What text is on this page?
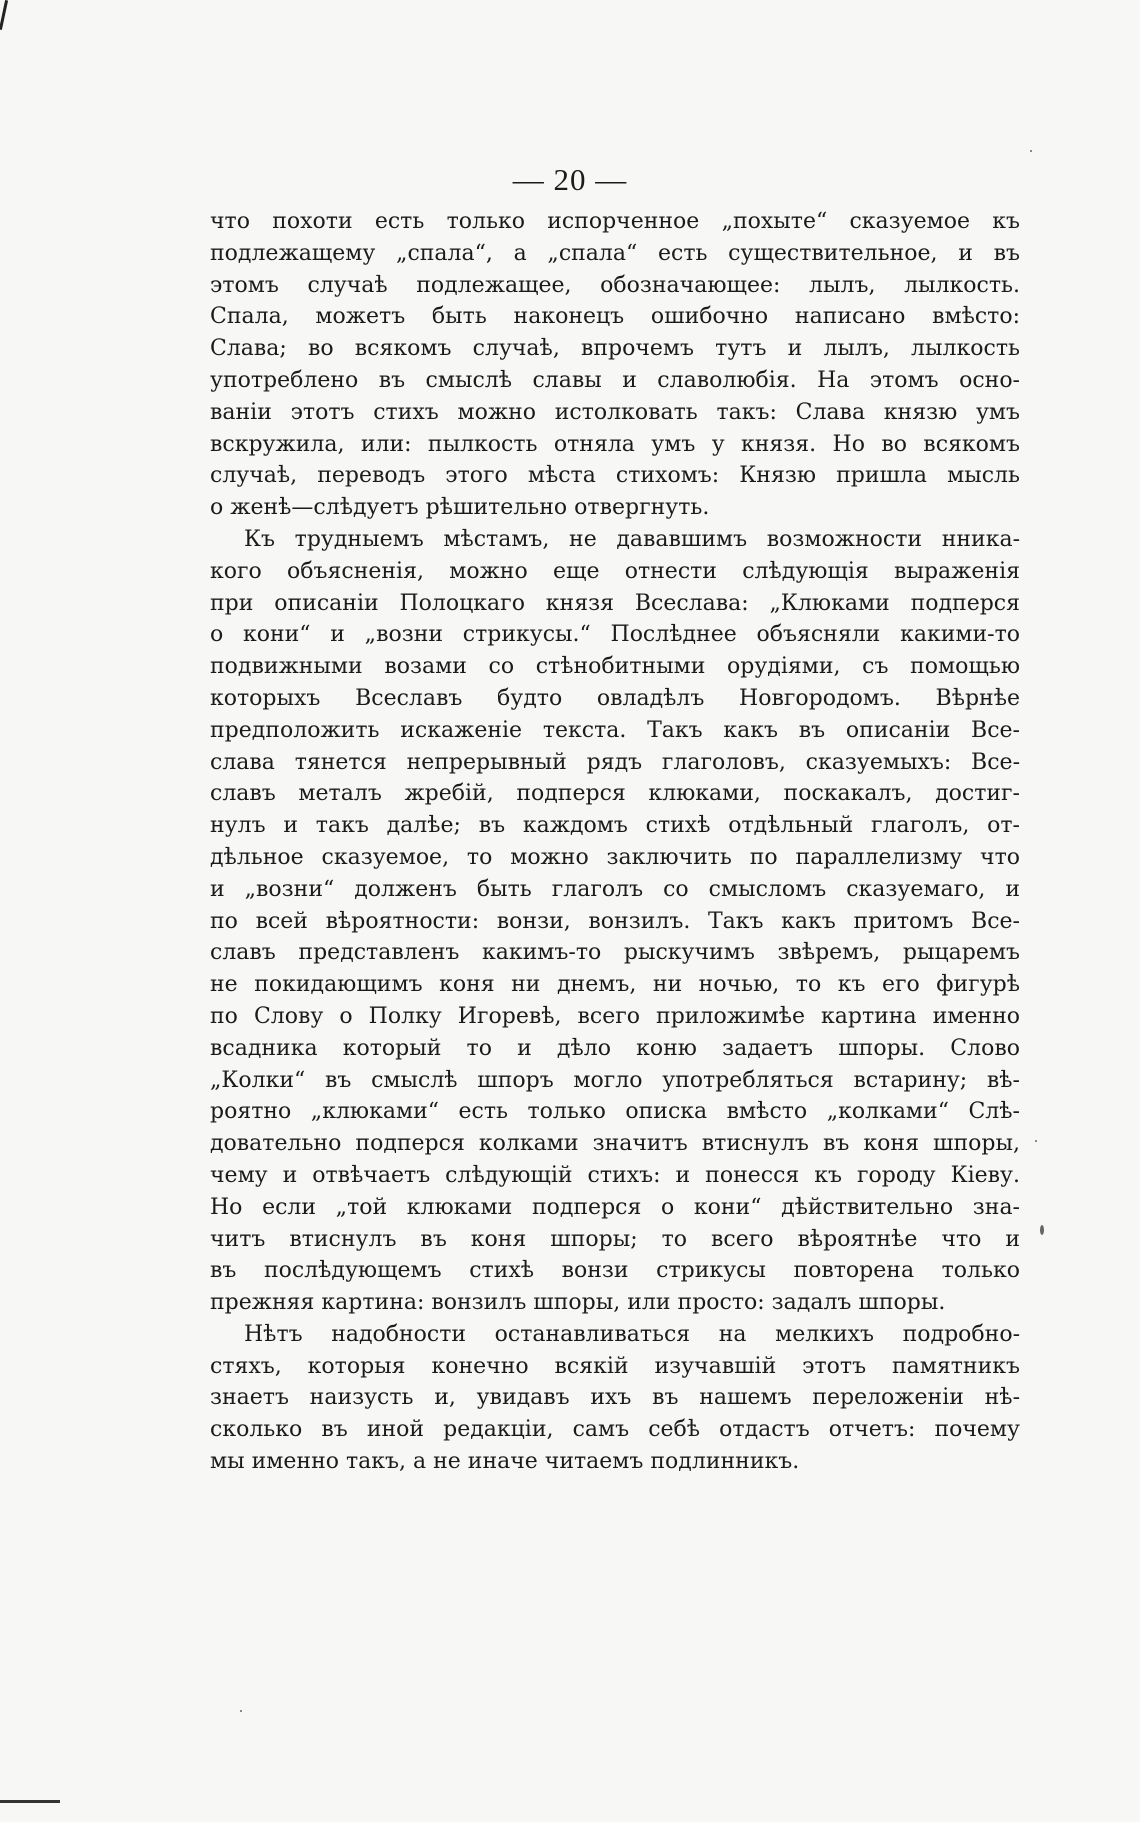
— 20 —
что похоти есть только испорченное „похыте“ сказуемое къ
подлежащему „спала“, а „спала“ есть существительное, и въ
этомъ случаѣ подлежащее, обозначающее: лылъ, лылкость.
Спала, можетъ быть наконецъ ошибочно написано вмѣсто:
Слава; во всякомъ случаѣ, впрочемъ тутъ и лылъ, лылкость
употреблено въ смыслѣ славы и славолюбія. На этомъ осно-
ваніи этотъ стихъ можно истолковать такъ: Слава князю умъ
вскружила, или: пылкость отняла умъ у князя. Но во всякомъ
случаѣ, переводъ этого мѣста стихомъ: Князю пришла мысль
о женѣ—слѣдуетъ рѣшительно отвергнуть.
Къ трудныемъ мѣстамъ, не дававшимъ возможности нника-
кого объясненія, можно еще отнести слѣдующія выраженія
при описаніи Полоцкаго князя Всеслава: „Клюками подперся
о кони“ и „возни стрикусы.“ Послѣднее объясняли какими-то
подвижными возами со стѣнобитными орудіями, съ помощью
которыхъ Всеславъ будто овладѣлъ Новгородомъ. Вѣрнѣе
предположить искаженіе текста. Такъ какъ въ описаніи Все-
слава тянется непрерывный рядъ глаголовъ, сказуемыхъ: Все-
славъ металъ жребій, подперся клюками, поскакалъ, достиг-
нулъ и такъ далѣе; въ каждомъ стихѣ отдѣльный глаголъ, от-
дѣльное сказуемое, то можно заключить по параллелизму что
и „возни“ долженъ быть глаголъ со смысломъ сказуемаго, и
по всей вѣроятности: вонзи, вонзилъ. Такъ какъ притомъ Все-
славъ представленъ какимъ-то рыскучимъ звѣремъ, рыцаремъ
не покидающимъ коня ни днемъ, ни ночью, то къ его фигурѣ
по Слову о Полку Игоревѣ, всего приложимѣе картина именно
всадника который то и дѣло коню задаетъ шпоры. Слово
„Колки“ въ смыслѣ шпоръ могло употребляться встарину; вѣ-
роятно „клюками“ есть только описка вмѣсто „колками“ Слѣ-
довательно подперся колками значитъ втиснулъ въ коня шпоры,
чему и отвѣчаетъ слѣдующій стихъ: и понесся къ городу Кіеву.
Но если „той клюками подперся о кони“ дѣйствительно зна-
читъ втиснулъ въ коня шпоры; то всего вѣроятнѣе что и
въ послѣдующемъ стихѣ вонзи стрикусы повторена только
прежняя картина: вонзилъ шпоры, или просто: задалъ шпоры.
Нѣтъ надобности останавливаться на мелкихъ подробно-
стяхъ, которыя конечно всякій изучавшій этотъ памятникъ
знаетъ наизусть и, увидавъ ихъ въ нашемъ переложеніи нѣ-
сколько въ иной редакціи, самъ себѣ отдастъ отчетъ: почему
мы именно такъ, а не иначе читаемъ подлинникъ.
